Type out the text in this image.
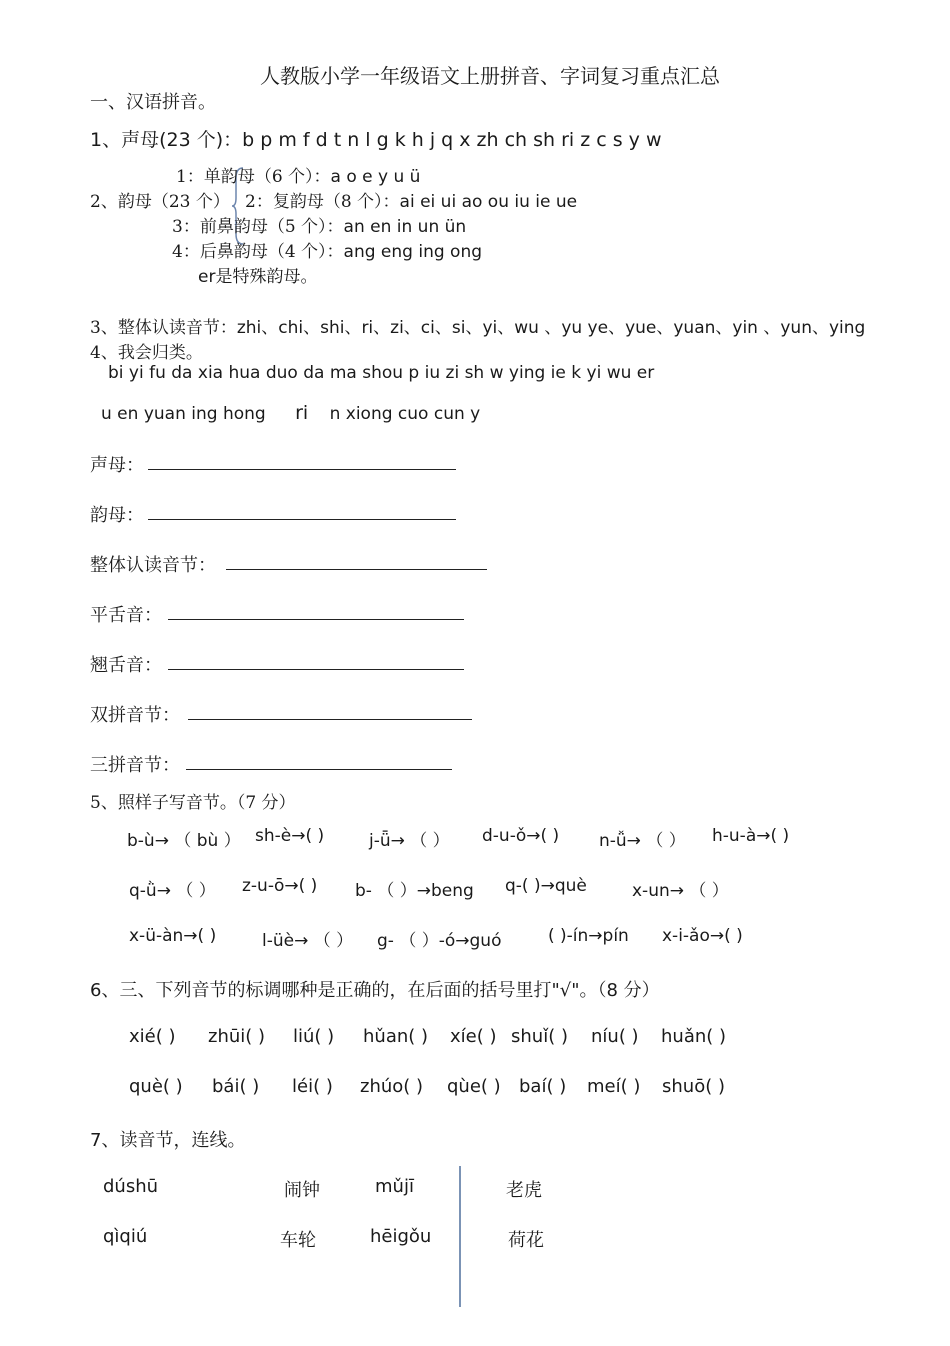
人教版小学一年级语文上册拼音、字词复习重点汇总
一、汉语拼音。
1、声母(23 个)：b p m f d t n l g k h j q x zh ch sh ri z c s y w
2、韵母（23 个）
1：单韵母（6 个）：a o e y u ü
2：复韵母（8 个）：ai ei ui ao ou iu ie ue
3：前鼻韵母（5 个）：an en in un ün
4：后鼻韵母（4 个）：ang eng ing ong
er是特殊韵母。
3、整体认读音节：zhi、chi、shi、ri、zi、ci、si、yi、wu 、yu ye、yue、yuan、yin 、yun、ying
4、我会归类。
bi yi fu da xia hua duo da ma shou p iu zi sh w ying ie k yi wu er
u en yuan ing hong ri n xiong cuo cun y
声母：
韵母：
整体认读音节：
平舌音：
翘舌音：
双拼音节：
三拼音节：
5、照样子写音节。（7 分）
b-ù→ （ bù ） sh-è→( )	j-ǖ→ （ ） d-u-ǒ→( ) n-ǚ→ （ ） h-u-à→( )
q-ǜ→ （ ） z-u-ō→( ) b- （ ）→beng q-( )→què	x-un→ （ ）
x-ü-àn→( )	l-üè→ （ ） g- （ ）-ó→guó	( )-ín→pín x-i-ǎo→( )
6、三、下列音节的标调哪种是正确的，在后面的括号里打"√"。（8 分）
xié( ) zhūi( ) liú( ) hǔan( ) xíe( ) shuǐ( ) níu( ) huǎn( )
què( ) bái( ) léi( ) zhúo( ) qùe( ) baí( ) meí( ) shuō( )
7、读音节，连线。
dúshū	闹钟	mǔjī	老虎
qìqiú	车轮	hēigǒu	荷花
